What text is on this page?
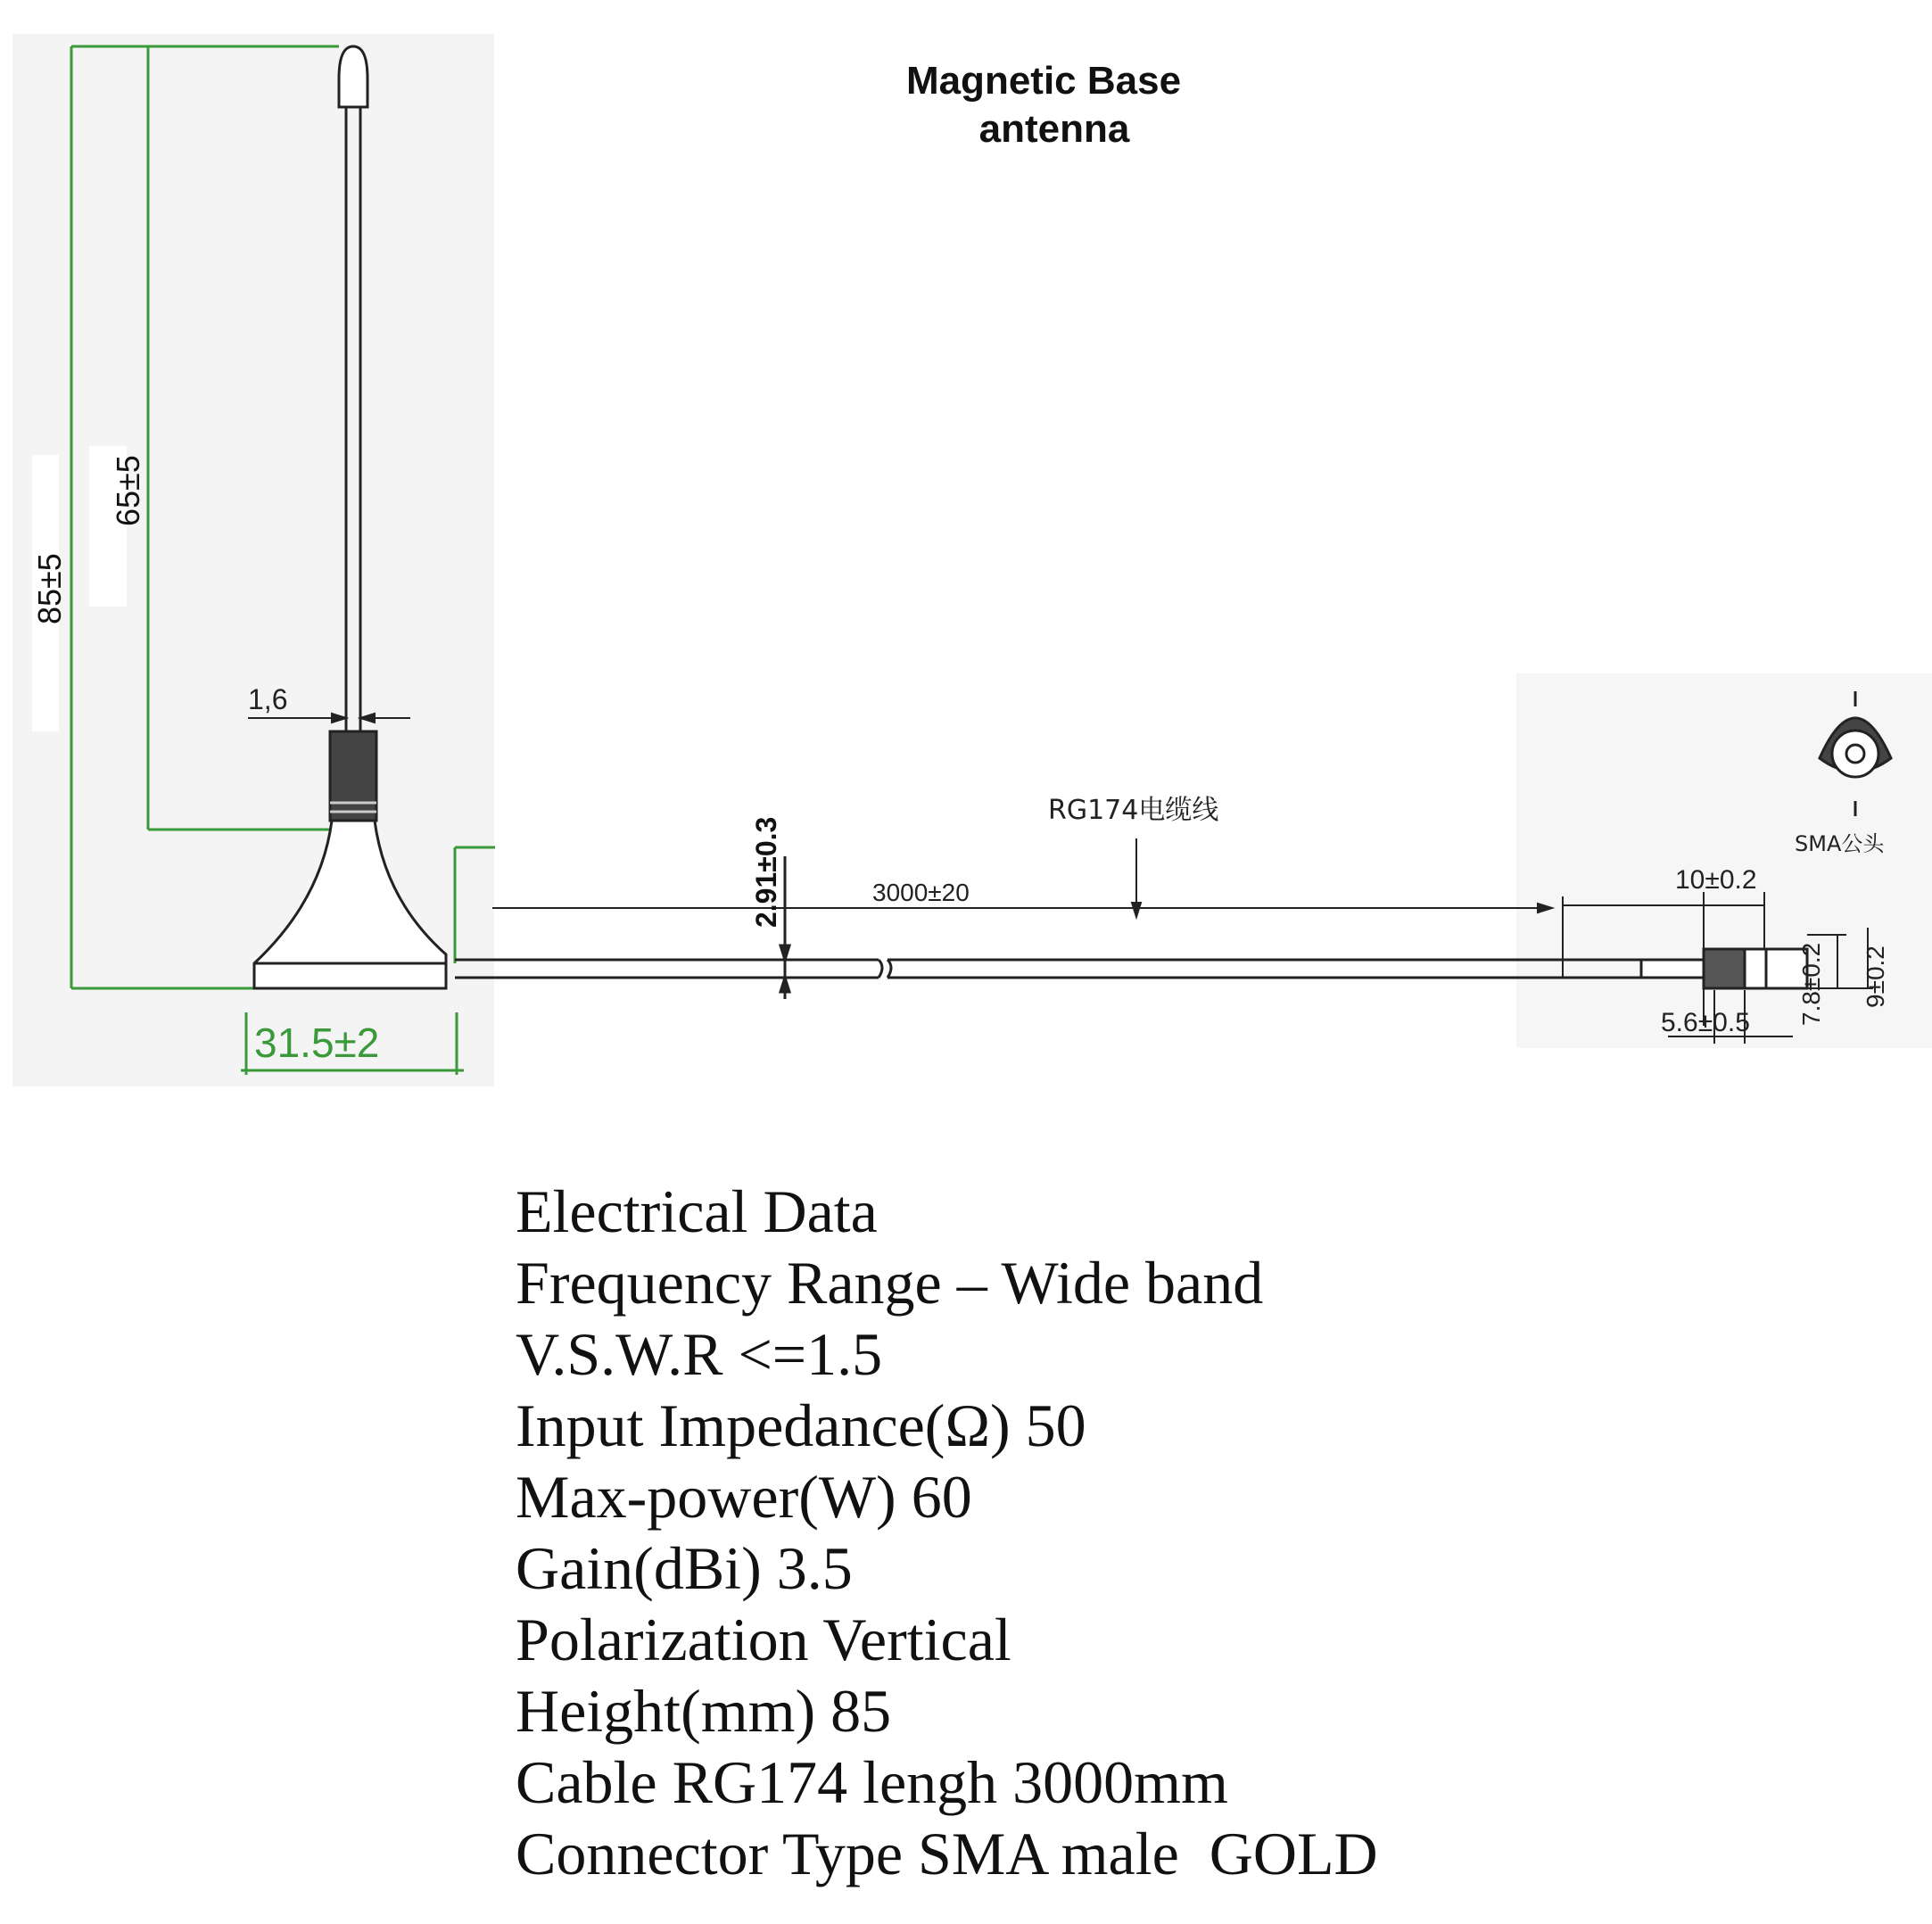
85±5
65±5
1,6
31.5±2
2.91±0.3
RG174电缆线
3000±20	10±0.2
5.6±0.5 7.8±0.2 9±0.2
SMA公头
Magnetic Base
antenna
Electrical Data
Frequency Range – Wide band
V.S.W.R <=1.5
Input Impedance(Ω) 50
Max-power(W) 60
Gain(dBi) 3.5
Polarization Vertical
Height(mm) 85
Cable RG174 lengh 3000mm
Connector Type SMA male  GOLD
